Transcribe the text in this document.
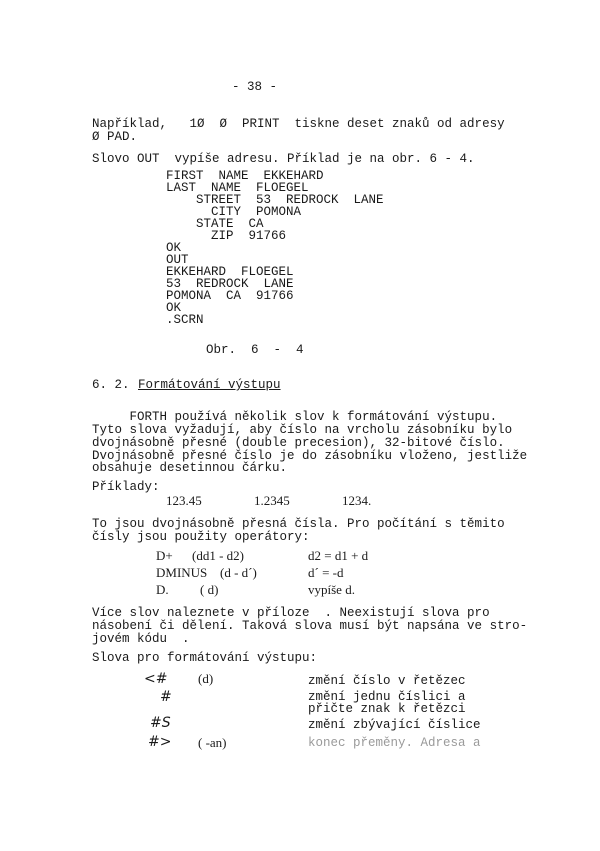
- 38 -
Například,   1Ø  Ø  PRINT  tiskne deset znaků od adresy
Ø PAD.
Slovo OUT  vypíše adresu. Příklad je na obr. 6 - 4.
FIRST  NAME  EKKEHARD
LAST  NAME  FLOEGEL
STREET  53  REDROCK  LANE
CITY  POMONA
STATE  CA
ZIP  91766
OK
OUT
EKKEHARD  FLOEGEL
53  REDROCK  LANE
POMONA  CA  91766
OK
.SCRN
Obr.  6  -  4
6. 2. Formátování výstupu
FORTH používá několik slov k formátování výstupu.
Tyto slova vyžadují, aby číslo na vrcholu zásobníku bylo
dvojnásobně přesné (double precesion), 32-bitové číslo.
Dvojnásobně přesné číslo je do zásobníku vloženo, jestliže
obsahuje desetinnou čárku.
Příklady:
123.45	1.2345	1234.
To jsou dvojnásobně přesná čísla. Pro počítání s těmito
čísly jsou použity operátory:
D+ (dd1 - d2)	d2 = d1 + d
DMINUS (d - d´)	d´ = -d
D. ( d)	vypíše d.
Více slov naleznete v příloze  . Neexistují slova pro
násobení či dělení. Taková slova musí být napsána ve stro-
jovém kódu  .
Slova pro formátování výstupu:
<# (d)	změní číslo v řetězec
#	změní jednu číslici a
přičte znak k řetězci
#S	změní zbývající číslice
#> ( -an)	konec přeměny. Adresa a
